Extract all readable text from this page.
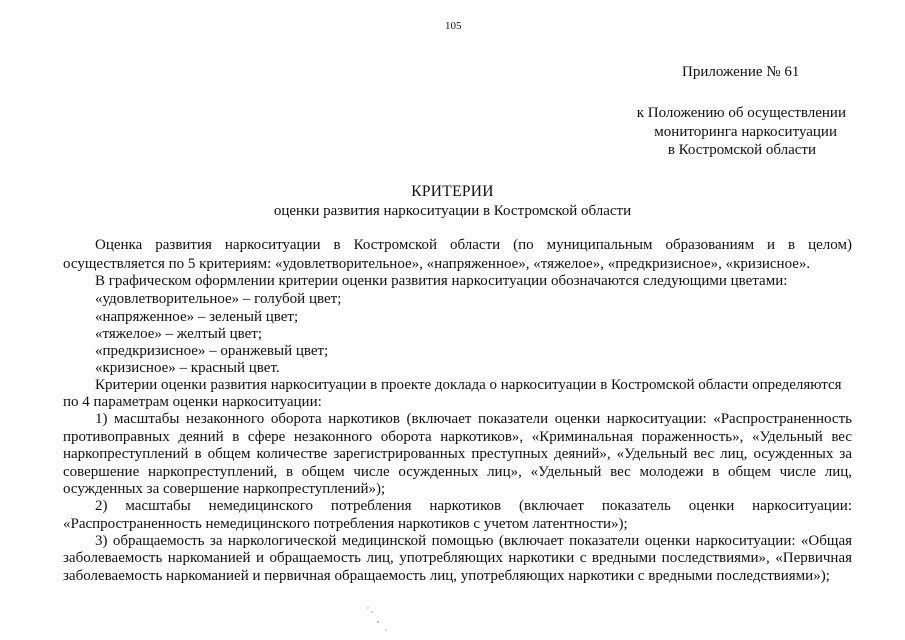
105
Приложение № 61
к Положению об осуществлении
мониторинга наркоситуации
в Костромской области
КРИТЕРИИ
оценки развития наркоситуации в Костромской области
Оценка развития наркоситуации в Костромской области (по муниципальным образованиям и в целом)
осуществляется по 5 критериям: «удовлетворительное», «напряженное», «тяжелое», «предкризисное», «кризисное».
В графическом оформлении критерии оценки развития наркоситуации обозначаются следующими цветами:
«удовлетворительное» – голубой цвет;
«напряженное» – зеленый цвет;
«тяжелое» – желтый цвет;
«предкризисное» – оранжевый цвет;
«кризисное» – красный цвет.
Критерии оценки развития наркоситуации в проекте доклада о наркоситуации в Костромской области определяются
по 4 параметрам оценки наркоситуации:
1) масштабы незаконного оборота наркотиков (включает показатели оценки наркоситуации: «Распространенность
противоправных деяний в сфере незаконного оборота наркотиков», «Криминальная пораженность», «Удельный вес
наркопреступлений в общем количестве зарегистрированных преступных деяний», «Удельный вес лиц, осужденных за
совершение наркопреступлений, в общем числе осужденных лиц», «Удельный вес молодежи в общем числе лиц,
осужденных за совершение наркопреступлений»);
2) масштабы немедицинского потребления наркотиков (включает показатель оценки наркоситуации:
«Распространенность немедицинского потребления наркотиков с учетом латентности»);
3) обращаемость за наркологической медицинской помощью (включает показатели оценки наркоситуации: «Общая
заболеваемость наркоманией и обращаемость лиц, употребляющих наркотики с вредными последствиями», «Первичная
заболеваемость наркоманией и первичная обращаемость лиц, употребляющих наркотики с вредными последствиями»);
